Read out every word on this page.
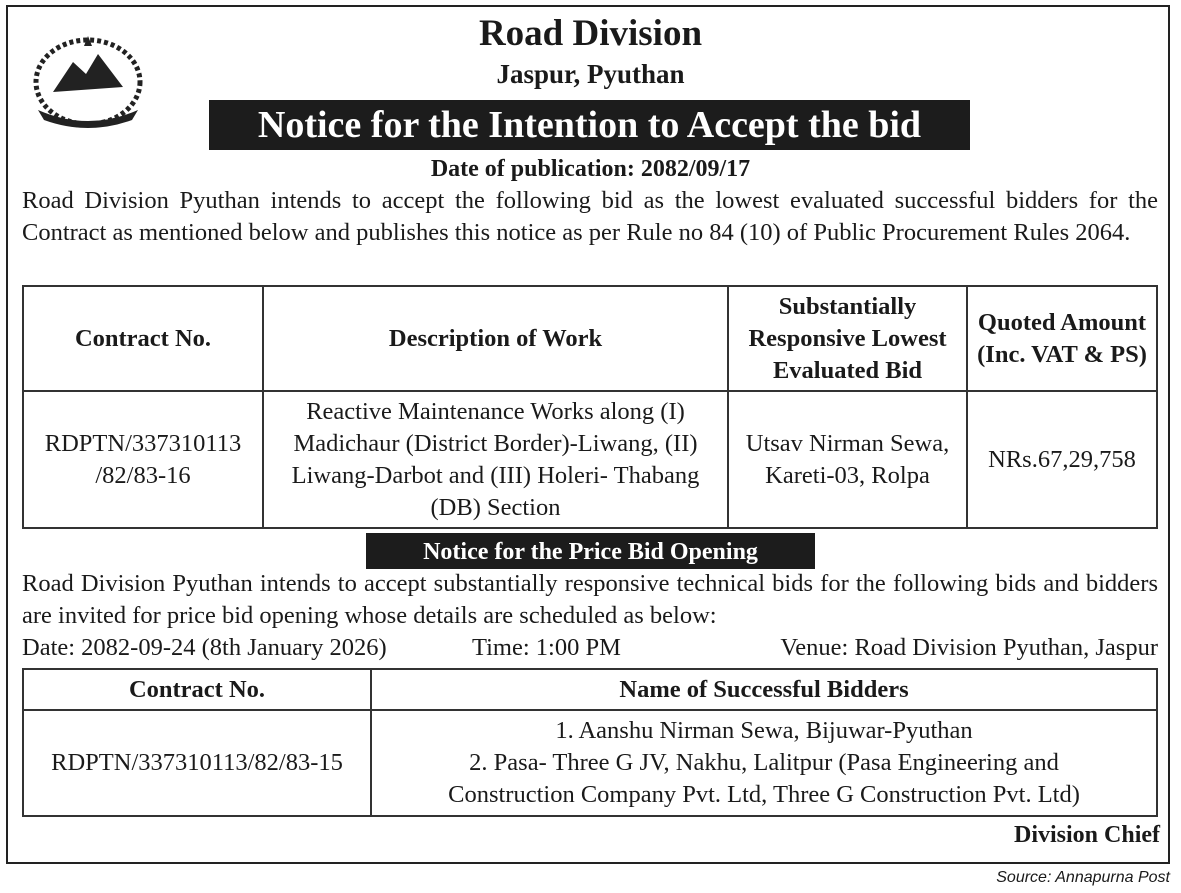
Road Division
Jaspur, Pyuthan
Notice for the Intention to Accept the bid
Date of publication: 2082/09/17
Road Division Pyuthan intends to accept the following bid as the lowest evaluated successful bidders for the Contract as mentioned below and publishes this notice as per Rule no 84 (10) of Public Procurement Rules 2064.
Contract No.	Description of Work	Substantially Responsive Lowest Evaluated Bid	Quoted Amount (Inc. VAT & PS)
RDPTN/337310113 /82/83-16	Reactive Maintenance Works along (I) Madichaur (District Border)-Liwang, (II) Liwang-Darbot and (III) Holeri- Thabang (DB) Section	Utsav Nirman Sewa, Kareti-03, Rolpa	NRs.67,29,758
Notice for the Price Bid Opening
Road Division Pyuthan intends to accept substantially responsive technical bids for the following bids and bidders are invited for price bid opening whose details are scheduled as below:
Date: 2082-09-24 (8th January 2026)	Time: 1:00 PM	Venue: Road Division Pyuthan, Jaspur
Contract No.	Name of Successful Bidders
RDPTN/337310113/82/83-15	1. Aanshu Nirman Sewa, Bijuwar-Pyuthan
2. Pasa- Three G JV, Nakhu, Lalitpur (Pasa Engineering and Construction Company Pvt. Ltd, Three G Construction Pvt. Ltd)
Division Chief
Source: Annapurna Post
